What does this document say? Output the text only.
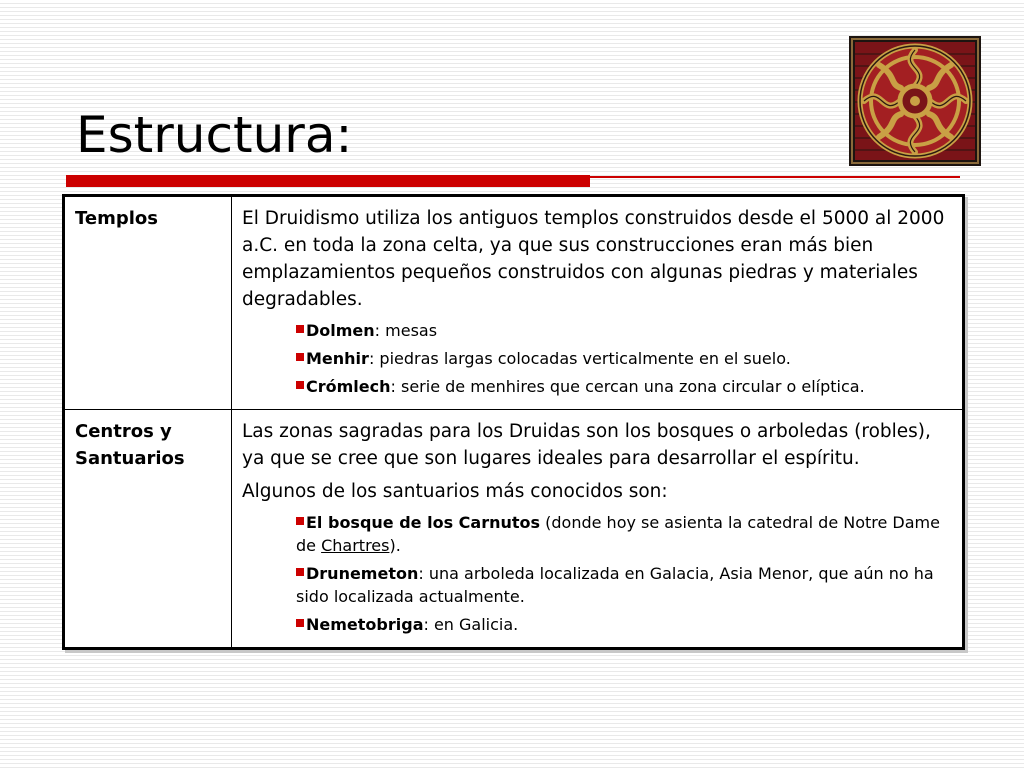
Estructura:
Templos	El Druidismo utiliza los antiguos templos construidos desde el 5000 al 2000 a.C. en toda la zona celta, ya que sus construcciones eran más bien emplazamientos pequeños construidos con algunas piedras y materiales degradables.

Dolmen: mesas

Menhir: piedras largas colocadas verticalmente en el suelo.

Crómlech: serie de menhires que cercan una zona circular o elíptica.

Centros y Santuarios	Las zonas sagradas para los Druidas son los bosques o arboledas (robles), ya que se cree que son lugares ideales para desarrollar el espíritu.

Algunos de los santuarios más conocidos son:

El bosque de los Carnutos (donde hoy se asienta la catedral de Notre Dame de Chartres).

Drunemeton: una arboleda localizada en Galacia, Asia Menor, que aún no ha sido localizada actualmente.

Nemetobriga: en Galicia.
